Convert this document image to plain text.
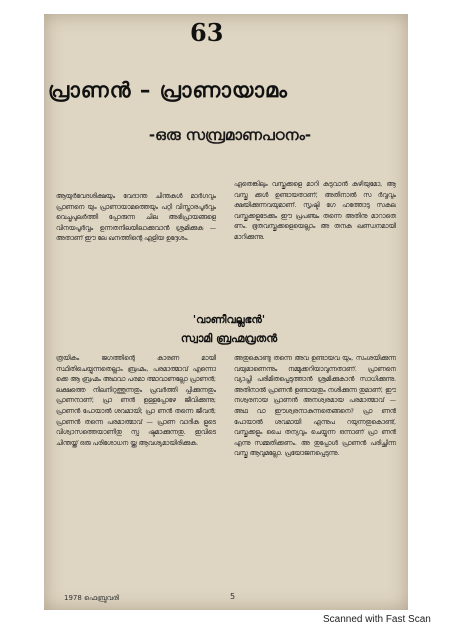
63
പ്രാണൻ – പ്രാണായാമം
-ഒരു സമ്പ്രമാണപഠനം-

ആയുർവേദശിക്ഷയും വേദാന്ത ചിന്തകൾ മാർഗവും പ്രാണനെ യും പ്രാണായാമത്തെയും പറ്റി വിസ്താരപൂർവ്വം വെച്ചുപുലർത്തി പ്പോരുന്ന ചില അഭിപ്രായങ്ങളെ വിനയപൂർവ്വം ഉന്നതനിലയിലാക്കുവാൻ ശ്രമിക്കുക — അതാണ് ഈ ലേ ഖനത്തിന്റെ എളിയ ഉദ്ദേശം.

ഏതെങ്കിലും വസ്തുക്കളെ മാറി കടുവാൻ കഴിയുമോ, ആ വസ്തു ക്കൾ ഉണ്ടായതാണ്; അതിനാൽ സ ർവ്വവും ക്ഷയിക്കുന്നവയുമാണ്. സൃഷ്ടി ഗേ ഹത്തോടു സകല വസ്തുക്കളുടേക്കും ഈ പ്രപഞ്ചം തന്നെ അതിനു മാറാതെ ണം. ഭൂതവസ്തുക്കളെയെല്ലാം അ തനക ഖണ്ഡനമായി മാറിക്കുന്നു.

'വാണീവല്ലഭൻ'
സ്വാമി ബ്രഹ്മവ്രതൻ

ത്രയികം ജഗത്തിന്റെ കാരണ മായി സ്ഥിതിചെയ്യുന്നതെല്ലാം ബ്രഹ്മം, പരമാത്മാവ് എന്നൊ ക്കെ ആ ബ്രഹ്മം അഥവാ പരമാ ത്മാവാണല്ലോ പ്രാണൻ; ലക്ഷത്തെ നിലനിറുത്തുന്നതും പ്രവർത്തി പ്പിക്കുന്നതും പ്രാണനാണ്; പ്രാ ണൻ ഉള്ളപ്പോഴേ ജീവിക്കുന്നു; പ്രാണൻ പോയാൽ ശവമായി; പ്രാ ണൻ തന്നെ ജീവൻ; പ്രാണൻ തന്നെ പരമാത്മാവ് — പ്രാണ വാദിക ളുടെ വിശ്വാസത്തെയാണിതു സ്പ ഷ്ടമാക്കുന്നതു. ഇവിടെ ചിന്തയ്ക്ക് ഒരു പരിശോധന യ്ക്കു ആവശ്യമായിരിക്കുക.

അതുകൊണ്ടു തന്നെ അവ ഉണ്ടായവ യും, സംശയിക്കുന്ന വയുമാണെന്നും നമ്മുക്കറിയാവുന്നതാണ്. പ്രാണനെ വ്യാപ്തി പരിമിതപ്പെടുത്താൻ ശ്രമിക്കുകാൻ സാധിക്കുന്നു. അതിനാൽ പ്രാണൻ ഉണ്ടായതും നശിക്കുന്ന തുമാണ്; ഈ നശ്വരനായ പ്രാണൻ അനശ്വരമായ പരമാത്മാവ് — അഥ വാ ഈശ്വരനാകുന്നതെങ്ങനെ? പ്രാ ണൻ പോയാൽ ശവമായി എന്നുപ റയുന്നതുകൊണ്ട്, വസ്തുക്കളും ചൈ തന്യവും ചെയ്യുന്ന ഒന്നാണ് പ്രാ ണൻ എന്നു സമ്മതിക്കണം. അ തുപ്പോൾ പ്രാണൻ പരിച്ഛിന്ന വസ്തു ആവുമല്ലോ. പ്രയോജനപ്പെടുന്നു.

1978 ഫെബ്രുവരി	5
Scanned with Fast Scan
